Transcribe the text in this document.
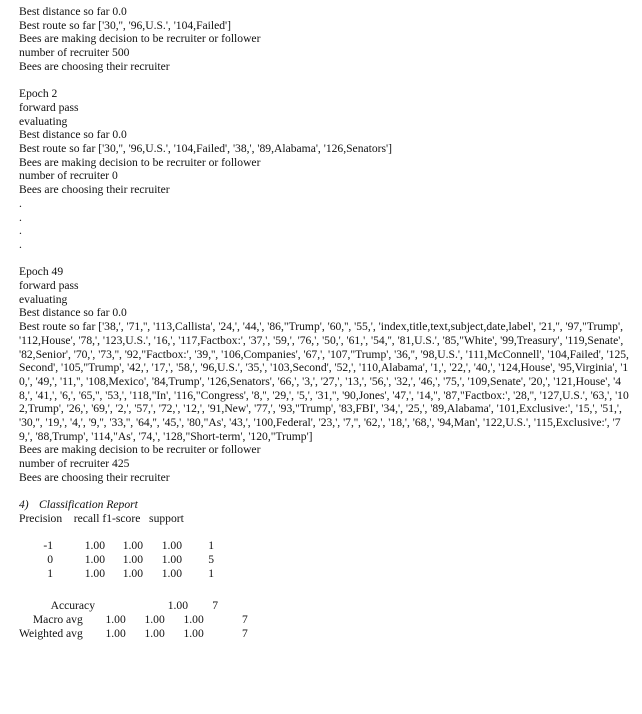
Best distance so far 0.0
Best route so far ['30,'', '96,U.S.', '104,Failed']
Bees are making decision to be recruiter or follower
number of recruiter 500
Bees are choosing their recruiter
Epoch 2
forward pass
evaluating
Best distance so far 0.0
Best route so far ['30,'', '96,U.S.', '104,Failed', '38,', '89,Alabama', '126,Senators']
Bees are making decision to be recruiter or follower
number of recruiter 0
Bees are choosing their recruiter
.
.
.
.
Epoch 49
forward pass
evaluating
Best distance so far 0.0
Best route so far ['38,', '71,'', '113,Callista', '24,', '44,', '86,"Trump', '60,'', '55,', 'index,title,text,subject,date,label', '21,'', '97,"Trump', '112,House', '78,', '123,U.S.', '16,', '117,Factbox:', '37,', '59,', '76,', '50,', '61,', '54,'', '81,U.S.', '85,"White', '99,Treasury', '119,Senate', '82,Senior', '70,', '73,'', '92,"Factbox:', '39,'', '106,Companies', '67,', '107,"Trump', '36,'', '98,U.S.', '111,McConnell', '104,Failed', '125,Second', '105,"Trump', '42,', '17,', '58,', '96,U.S.', '35,', '103,Second', '52,', '110,Alabama', '1,', '22,', '40,', '124,House', '95,Virginia', '10,', '49,', '11,'', '108,Mexico', '84,Trump', '126,Senators', '66,', '3,', '27,', '13,', '56,', '32,', '46,', '75,', '109,Senate', '20,', '121,House', '48,', '41,', '6,', '65,'', '53,', '118,"In', '116,"Congress', '8,'', '29,', '5,', '31,'', '90,Jones', '47,', '14,'', '87,"Factbox:', '28,'', '127,U.S.', '63,', '102,Trump', '26,', '69,', '2,', '57,', '72,', '12,', '91,New', '77,', '93,"Trump', '83,FBI', '34,', '25,', '89,Alabama', '101,Exclusive:', '15,', '51,', '30,'', '19,', '4,', '9,'', '33,'', '64,'', '45,', '80,"As', '43,', '100,Federal', '23,', '7,'', '62,', '18,', '68,', '94,Man', '122,U.S.', '115,Exclusive:', '79,', '88,Trump', '114,"As', '74,', '128,"Short-term', '120,"Trump']
Bees are making decision to be recruiter or follower
number of recruiter 425
Bees are choosing their recruiter
4) Classification Report
Precision    recall f1-score   support
-1	1.00	1.00	1.00	1
0	1.00	1.00	1.00	5
1	1.00	1.00	1.00	1
Accuracy		1.00	7
Macro avg	1.00	1.00	1.00	7
Weighted avg	1.00	1.00	1.00	7
